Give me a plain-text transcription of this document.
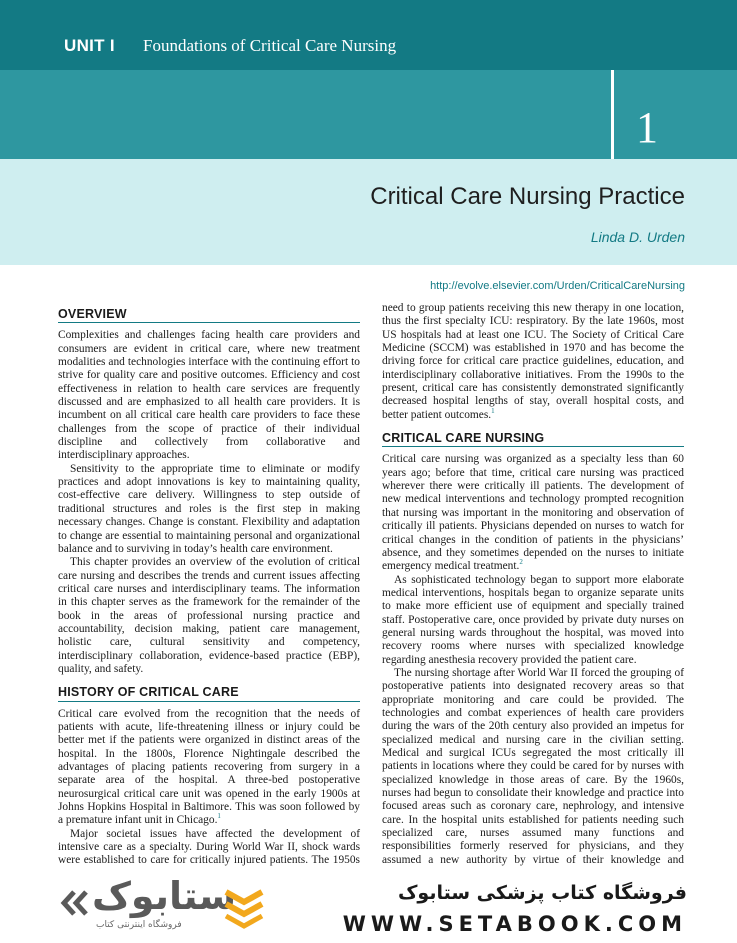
UNIT I Foundations of Critical Care Nursing
1
Critical Care Nursing Practice
Linda D. Urden
http://evolve.elsevier.com/Urden/CriticalCareNursing
OVERVIEW

Complexities and challenges facing health care providers and consumers are evident in critical care, where new treatment modalities and technologies interface with the continuing effort to strive for quality care and positive outcomes. Efficiency and cost effectiveness in relation to health care services are frequently discussed and are emphasized to all health care providers. It is incumbent on all critical care health care providers to face these challenges from the scope of practice of their individual discipline and collectively from collaborative and interdisciplinary approaches.

Sensitivity to the appropriate time to eliminate or modify practices and adopt innovations is key to maintaining quality, cost-effective care delivery. Willingness to step outside of traditional structures and roles is the first step in making necessary changes. Change is constant. Flexibility and adaptation to change are essential to maintaining personal and organizational balance and to surviving in today’s health care environment.

This chapter provides an overview of the evolution of critical care nursing and describes the trends and current issues affecting critical care nurses and interdisciplinary teams. The information in this chapter serves as the framework for the remainder of the book in the areas of professional nursing practice and accountability, decision making, patient care management, holistic care, cultural sensitivity and competency, interdisciplinary collaboration, evidence-based practice (EBP), quality, and safety.

HISTORY OF CRITICAL CARE

Critical care evolved from the recognition that the needs of patients with acute, life-threatening illness or injury could be better met if the patients were organized in distinct areas of the hospital. In the 1800s, Florence Nightingale described the advantages of placing patients recovering from surgery in a separate area of the hospital. A three-bed postoperative neurosurgical critical care unit was opened in the early 1900s at Johns Hopkins Hospital in Baltimore. This was soon followed by a premature infant unit in Chicago.$^1$

Major societal issues have affected the development of intensive care as a specialty. During World War II, shock wards were established to care for critically injured patients. The 1950s

need to group patients receiving this new therapy in one location, thus the first specialty ICU: respiratory. By the late 1960s, most US hospitals had at least one ICU. The Society of Critical Care Medicine (SCCM) was established in 1970 and has become the driving force for critical care practice guidelines, education, and interdisciplinary collaborative initiatives. From the 1990s to the present, critical care has consistently demonstrated significantly decreased hospital lengths of stay, overall hospital costs, and better patient outcomes.$^1$

CRITICAL CARE NURSING

Critical care nursing was organized as a specialty less than 60 years ago; before that time, critical care nursing was practiced wherever there were critically ill patients. The development of new medical interventions and technology prompted recognition that nursing was important in the monitoring and observation of critically ill patients. Physicians depended on nurses to watch for critical changes in the condition of patients in the physicians’ absence, and they sometimes depended on the nurses to initiate emergency medical treatment.$^2$

As sophisticated technology began to support more elaborate medical interventions, hospitals began to organize separate units to make more efficient use of equipment and specially trained staff. Postoperative care, once provided by private duty nurses on general nursing wards throughout the hospital, was moved into recovery rooms where nurses with specialized knowledge regarding anesthesia recovery provided the patient care.

The nursing shortage after World War II forced the grouping of postoperative patients into designated recovery areas so that appropriate monitoring and care could be provided. The technologies and combat experiences of health care providers during the wars of the 20th century also provided an impetus for specialized medical and nursing care in the civilian setting. Medical and surgical ICUs segregated the most critically ill patients in locations where they could be cared for by nurses with specialized knowledge in those areas of care. By the 1960s, nurses had begun to consolidate their knowledge and practice into focused areas such as coronary care, nephrology, and intensive care. In the hospital units established for patients needing such specialized care, nurses assumed many functions and responsibilities formerly reserved for physicians, and they assumed a new authority by virtue of their knowledge and

ستابوک
فروشگاه اینترنتی کتاب
فروشگاه کتاب پزشکی ستابوک
WWW.SETABOOK.COM
